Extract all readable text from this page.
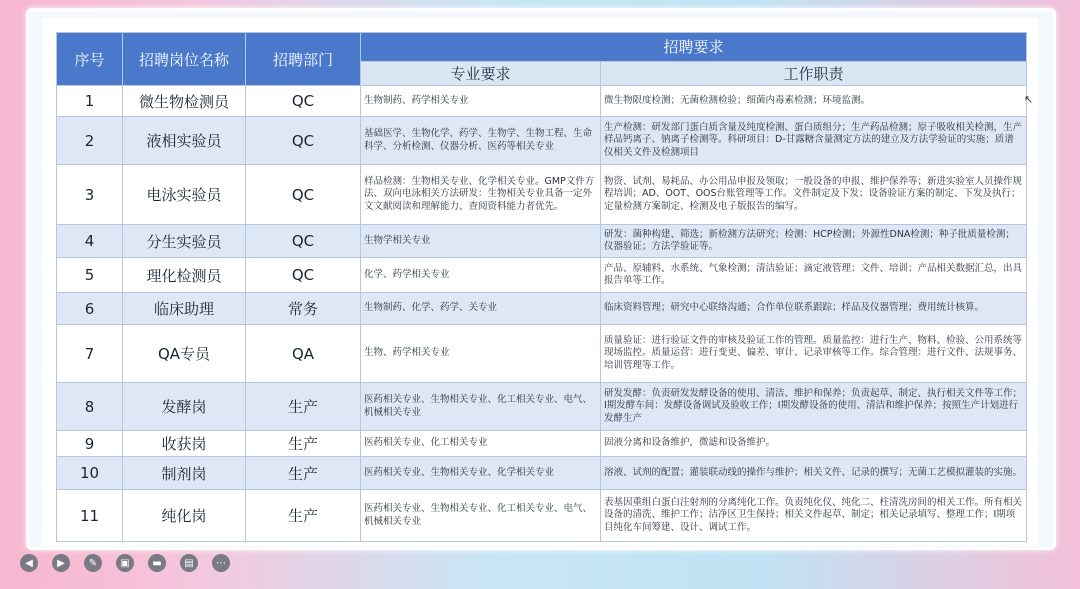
序号	招聘岗位名称	招聘部门	招聘要求	
			专业要求	工作职责
1	微生物检测员	QC	生物制药、药学相关专业	微生物限度检测；无菌检测检验；细菌内毒素检测；环境监测。
2	液相实验员	QC	基础医学、生物化学、药学、生物学、生物工程、生命科学、分析检测、仪器分析、医药等相关专业	生产检测：研发部门蛋白质含量及纯度检测、蛋白质组分；生产药品检测；原子吸收相关检测，生产样品钙离子、钠离子检测等。科研项目：D-甘露糖含量测定方法的建立及方法学验证的实施；质谱仪相关文件及检测项目
3	电泳实验员	QC	样品检测：生物相关专业、化学相关专业。GMP文件方法、双向电泳相关方法研发：生物相关专业具备一定外文文献阅读和理解能力、查阅资料能力者优先。	物资、试剂、易耗品、办公用品申报及领取；一般设备的申报、维护保养等；新进实验室人员操作规程培训；AD、OOT、OOS台账管理等工作。文件制定及下发；设备验证方案的制定、下发及执行；定量检测方案制定、检测及电子版报告的编写。
4	分生实验员	QC	生物学相关专业	研发：菌种构建、筛选；新检测方法研究；检测：HCP检测；外源性DNA检测；种子批质量检测；仪器验证；方法学验证等。
5	理化检测员	QC	化学、药学相关专业	产品、原辅料、水系统、气象检测；清洁验证；滴定液管理；文件、培训；产品相关数据汇总，出具报告单等工作。
6	临床助理	常务	生物制药、化学、药学、关专业	临床资料管理；研究中心联络沟通；合作单位联系跟踪；样品及仪器管理；费用统计核算。
7	QA专员	QA	生物、药学相关专业	质量验证：进行验证文件的审核及验证工作的管理。质量监控：进行生产、物料、检验、公用系统等现场监控。质量运营：进行变更、偏差、审计、记录审核等工作。综合管理：进行文件、法规事务、培训管理等工作。
8	发酵岗	生产	医药相关专业、生物相关专业、化工相关专业、电气、机械相关专业	研发发酵：负责研发发酵设备的使用、清洁、维护和保养；负责起草、制定、执行相关文件等工作；I期发酵车间：发酵设备调试及验收工作；I期发酵设备的使用、清洁和维护保养；按照生产计划进行发酵生产
9	收获岗	生产	医药相关专业、化工相关专业	固液分离和设备维护，微滤和设备维护。
10	制剂岗	生产	医药相关专业、生物相关专业、化学相关专业	溶液、试剂的配置；灌装联动线的操作与维护；相关文件、记录的撰写；无菌工艺模拟灌装的实施。
11	纯化岗	生产	医药相关专业、生物相关专业、化工相关专业、电气、机械相关专业	表基因重组白蛋白注射剂的分离纯化工作。负责纯化仪、纯化二、柱清洗房间的相关工作。所有相关设备的清洗、维护工作；洁净区卫生保持；相关文件起草、制定；相关记录填写、整理工作；I期项目纯化车间筹建、设计、调试工作。
↖
◀	▶	✎	▣	▬	▤	⋯
